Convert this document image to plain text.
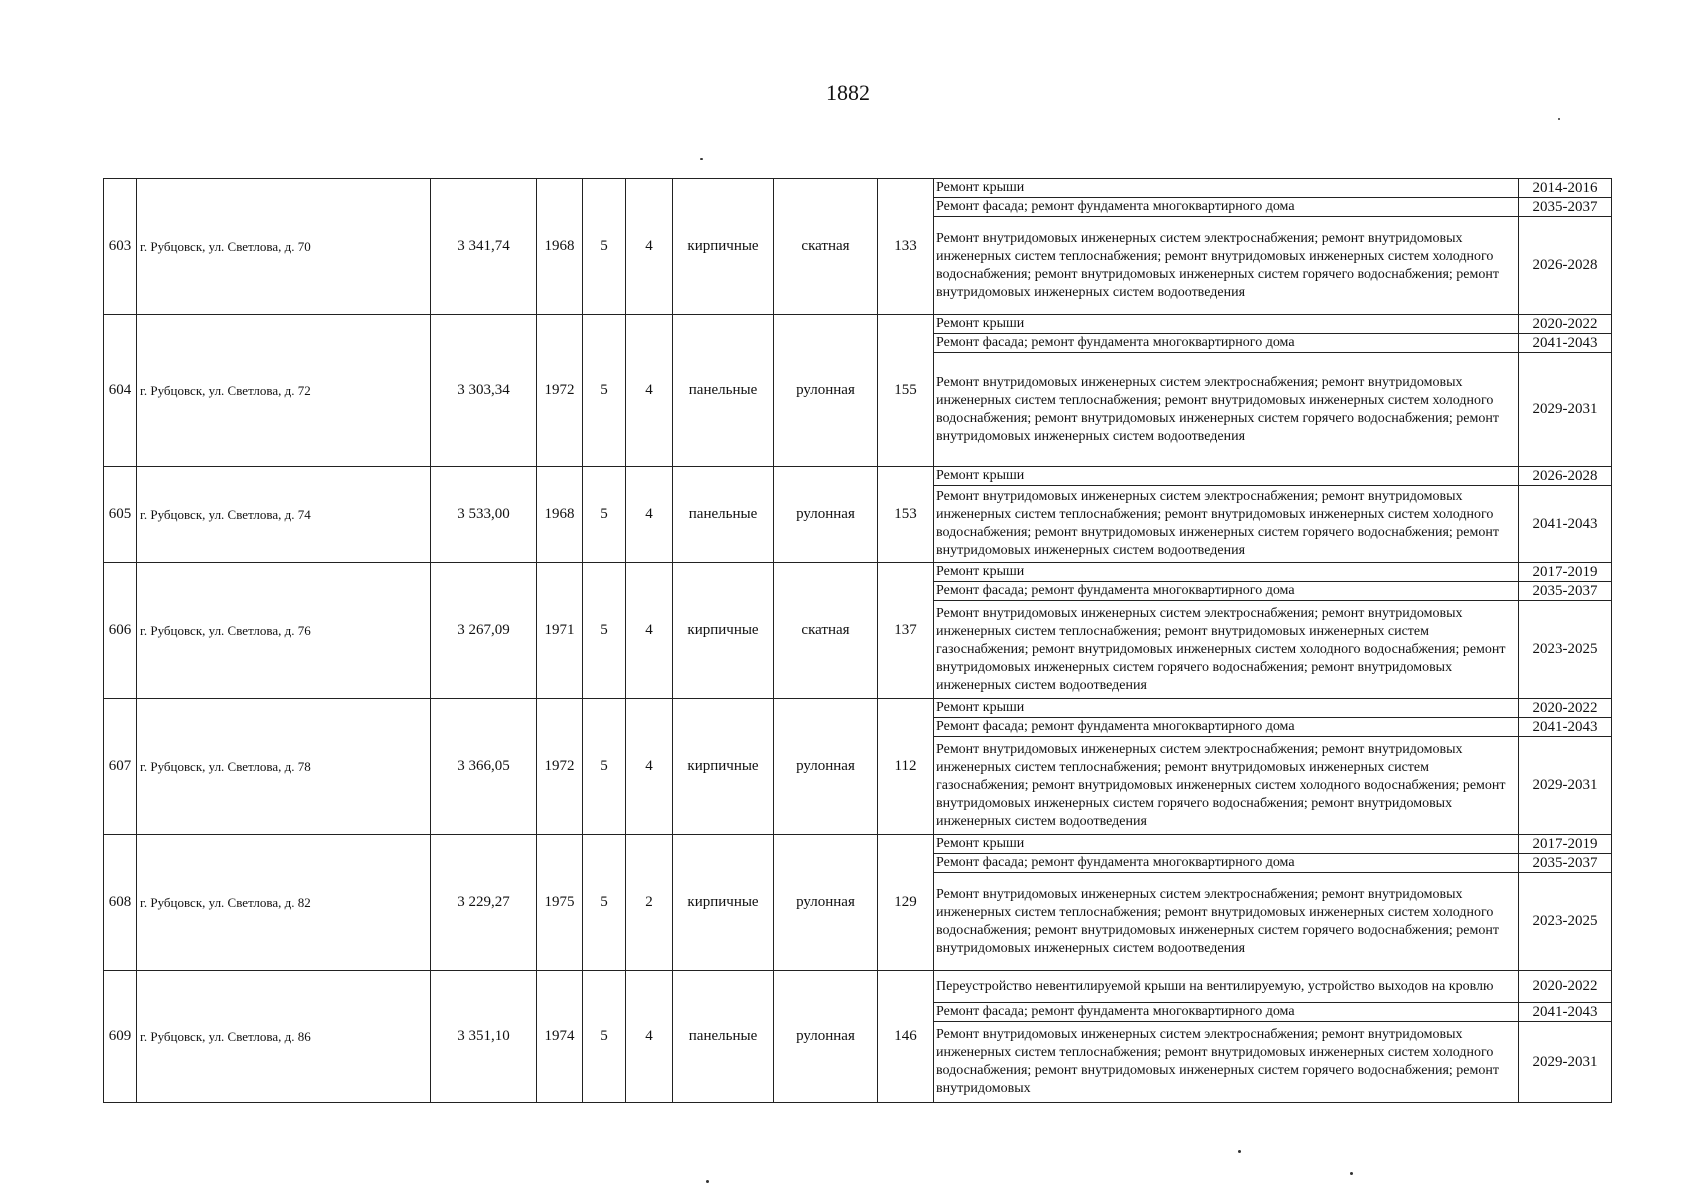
1882
603	г. Рубцовск, ул. Светлова, д. 70	3 341,74	1968	5	4	кирпичные	скатная	133	Ремонт крыши	2014-2016
									Ремонт фасада; ремонт фундамента многоквартирного дома	2035-2037
									Ремонт внутридомовых инженерных систем электроснабжения; ремонт внутридомовых инженерных систем теплоснабжения; ремонт внутридомовых инженерных систем холодного водоснабжения; ремонт внутридомовых инженерных систем горячего водоснабжения; ремонт внутридомовых инженерных систем водоотведения	2026-2028
604	г. Рубцовск, ул. Светлова, д. 72	3 303,34	1972	5	4	панельные	рулонная	155	Ремонт крыши	2020-2022
									Ремонт фасада; ремонт фундамента многоквартирного дома	2041-2043
									Ремонт внутридомовых инженерных систем электроснабжения; ремонт внутридомовых инженерных систем теплоснабжения; ремонт внутридомовых инженерных систем холодного водоснабжения; ремонт внутридомовых инженерных систем горячего водоснабжения; ремонт внутридомовых инженерных систем водоотведения	2029-2031
605	г. Рубцовск, ул. Светлова, д. 74	3 533,00	1968	5	4	панельные	рулонная	153	Ремонт крыши	2026-2028
									Ремонт внутридомовых инженерных систем электроснабжения; ремонт внутридомовых инженерных систем теплоснабжения; ремонт внутридомовых инженерных систем холодного водоснабжения; ремонт внутридомовых инженерных систем горячего водоснабжения; ремонт внутридомовых инженерных систем водоотведения	2041-2043
606	г. Рубцовск, ул. Светлова, д. 76	3 267,09	1971	5	4	кирпичные	скатная	137	Ремонт крыши	2017-2019
									Ремонт фасада; ремонт фундамента многоквартирного дома	2035-2037
									Ремонт внутридомовых инженерных систем электроснабжения; ремонт внутридомовых инженерных систем теплоснабжения; ремонт внутридомовых инженерных систем газоснабжения; ремонт внутридомовых инженерных систем холодного водоснабжения; ремонт внутридомовых инженерных систем горячего водоснабжения; ремонт внутридомовых инженерных систем водоотведения	2023-2025
607	г. Рубцовск, ул. Светлова, д. 78	3 366,05	1972	5	4	кирпичные	рулонная	112	Ремонт крыши	2020-2022
									Ремонт фасада; ремонт фундамента многоквартирного дома	2041-2043
									Ремонт внутридомовых инженерных систем электроснабжения; ремонт внутридомовых инженерных систем теплоснабжения; ремонт внутридомовых инженерных систем газоснабжения; ремонт внутридомовых инженерных систем холодного водоснабжения; ремонт внутридомовых инженерных систем горячего водоснабжения; ремонт внутридомовых инженерных систем водоотведения	2029-2031
608	г. Рубцовск, ул. Светлова, д. 82	3 229,27	1975	5	2	кирпичные	рулонная	129	Ремонт крыши	2017-2019
									Ремонт фасада; ремонт фундамента многоквартирного дома	2035-2037
									Ремонт внутридомовых инженерных систем электроснабжения; ремонт внутридомовых инженерных систем теплоснабжения; ремонт внутридомовых инженерных систем холодного водоснабжения; ремонт внутридомовых инженерных систем горячего водоснабжения; ремонт внутридомовых инженерных систем водоотведения	2023-2025
609	г. Рубцовск, ул. Светлова, д. 86	3 351,10	1974	5	4	панельные	рулонная	146	Переустройство невентилируемой крыши на вентилируемую, устройство выходов на кровлю	2020-2022
									Ремонт фасада; ремонт фундамента многоквартирного дома	2041-2043
									Ремонт внутридомовых инженерных систем электроснабжения; ремонт внутридомовых инженерных систем теплоснабжения; ремонт внутридомовых инженерных систем холодного водоснабжения; ремонт внутридомовых инженерных систем горячего водоснабжения; ремонт внутридомовых	2029-2031
